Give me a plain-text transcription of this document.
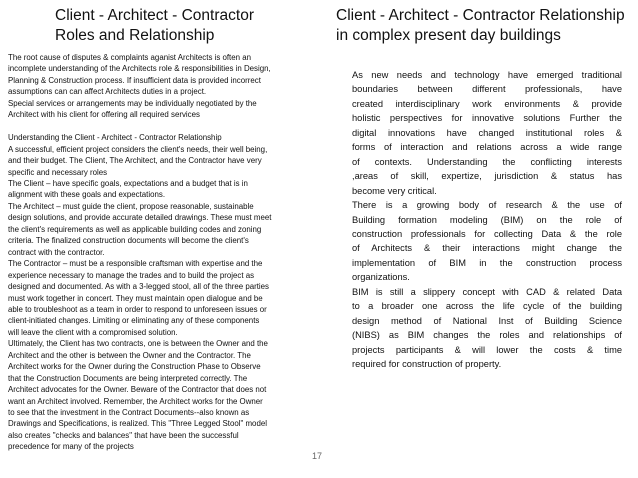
Client - Architect - Contractor
Roles and Relationship
Client - Architect - Contractor Relationship
in complex present day buildings
The root cause of disputes & complaints aganist Architects is often an
incomplete understanding of the Architects role & responsibilities in Design,
Planning & Construction process. If insufficient data is provided incorrect
assumptions can can affect Architects duties in a project.
Special services or arrangements may be individually negotiated by the
Architect with his client for offering all required services
Understanding the Client - Architect - Contractor Relationship
A successful, efficient project considers the client's needs, their well being,
and their budget. The Client, The Architect, and the Contractor have very
specific and necessary roles
The Client – have specific goals, expectations and a budget that is in
alignment with these goals and expectations.
The Architect – must guide the client, propose reasonable, sustainable
design solutions, and provide accurate detailed drawings. These must meet
the client's requirements as well as applicable building codes and zoning
criteria. The finalized construction documents will become the client's
contract with the contractor.
The Contractor – must be a responsible craftsman with expertise and the
experience necessary to manage the trades and to build the project as
designed and documented. As with a 3-legged stool, all of the three parties
must work together in concert. They must maintain open dialogue and be
able to troubleshoot as a team in order to respond to unforeseen issues or
client-initiated changes. Limiting or eliminating any of these components
will leave the client with a compromised solution.
Ultimately, the Client has two contracts, one is between the Owner and the
Architect and the other is between the Owner and the Contractor. The
Architect works for the Owner during the Construction Phase to Observe
that the Construction Documents are being interpreted correctly. The
Architect advocates for the Owner. Beware of the Contractor that does not
want an Architect involved. Remember, the Architect works for the Owner
to see that the investment in the Contract Documents--also known as
Drawings and Specifications, is realized. This "Three Legged Stool" model
also creates "checks and balances" that have been the successful
precedence for many of the projects
As new needs and technology have emerged traditional
boundaries between different professionals, have
created interdisciplinary work environments & provide
holistic perspectives for innovative solutions Further the
digital innovations have changed institutional roles &
forms of interaction and relations across a wide range
of contexts. Understanding the conflicting interests
,areas of skill, expertize, jurisdiction & status has
become very critical.
There is a growing body of research & the use of
Building formation modeling (BIM) on the role of
construction professionals for collecting Data & the role
of Architects & their interactions might change the
implementation of BIM in the construction process
organizations.
BIM is still a slippery concept with CAD & related Data
to a broader one across the life cycle of the building
design method of National Inst of Building Science
(NIBS) as BIM changes the roles and relationships of
projects participants & will lower the costs & time
required for construction of property.
17
